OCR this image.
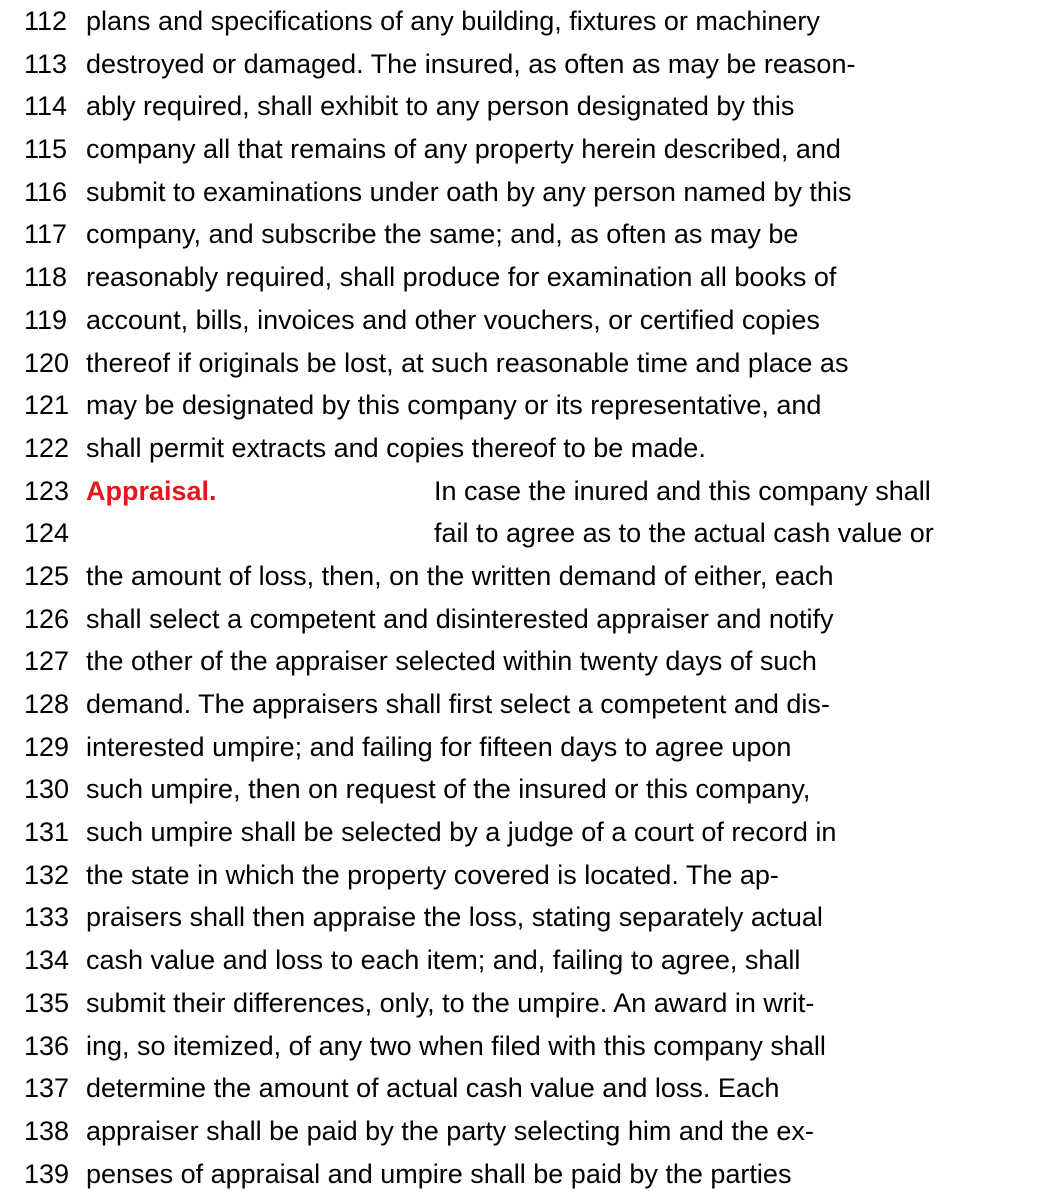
112 plans and specifications of any building, fixtures or machinery
113 destroyed or damaged. The insured, as often as may be reason-
114 ably required, shall exhibit to any person designated by this
115 company all that remains of any property herein described, and
116 submit to examinations under oath by any person named by this
117 company, and subscribe the same; and, as often as may be
118 reasonably required, shall produce for examination all books of
119 account, bills, invoices and other vouchers, or certified copies
120 thereof if originals be lost, at such reasonable time and place as
121 may be designated by this company or its representative, and
122 shall permit extracts and copies thereof to be made.
123 Appraisal.	In case the inured and this company shall
124	fail to agree as to the actual cash value or
125 the amount of loss, then, on the written demand of either, each
126 shall select a competent and disinterested appraiser and notify
127 the other of the appraiser selected within twenty days of such
128 demand. The appraisers shall first select a competent and dis-
129 interested umpire; and failing for fifteen days to agree upon
130 such umpire, then on request of the insured or this company,
131 such umpire shall be selected by a judge of a court of record in
132 the state in which the property covered is located. The ap-
133 praisers shall then appraise the loss, stating separately actual
134 cash value and loss to each item; and, failing to agree, shall
135 submit their differences, only, to the umpire. An award in writ-
136 ing, so itemized, of any two when filed with this company shall
137 determine the amount of actual cash value and loss. Each
138 appraiser shall be paid by the party selecting him and the ex-
139 penses of appraisal and umpire shall be paid by the parties
